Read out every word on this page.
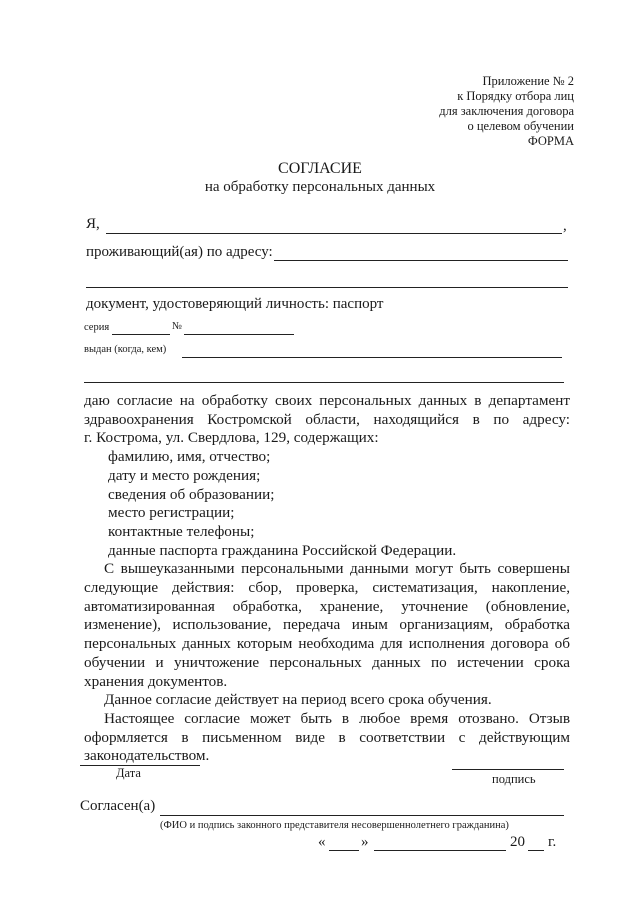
Приложение № 2
к Порядку отбора лиц
для заключения договора
о целевом обучении
ФОРМА
СОГЛАСИЕ
на обработку персональных данных
Я,	,
проживающий(ая) по адресу:
документ, удостоверяющий личность: паспорт
серия	№
выдан (когда, кем)
даю согласие на обработку своих персональных данных в департамент
здравоохранения Костромской области, находящийся в по адресу:
г. Кострома, ул. Свердлова, 129, содержащих:
фамилию, имя, отчество;
дату и место рождения;
сведения об образовании;
место регистрации;
контактные телефоны;
данные паспорта гражданина Российской Федерации.
С вышеуказанными персональными данными могут быть совершены
следующие действия: сбор, проверка, систематизация, накопление,
автоматизированная обработка, хранение, уточнение (обновление,
изменение), использование, передача иным организациям, обработка
персональных данных которым необходима для исполнения договора об
обучении и уничтожение персональных данных по истечении срока
хранения документов.
Данное согласие действует на период всего срока обучения.
Настоящее согласие может быть в любое время отозвано. Отзыв
оформляется в письменном виде в соответствии с действующим
законодательством.
Дата	подпись
Согласен(а)
(ФИО и подпись законного представителя несовершеннолетнего гражданина)
« »	20 г.
